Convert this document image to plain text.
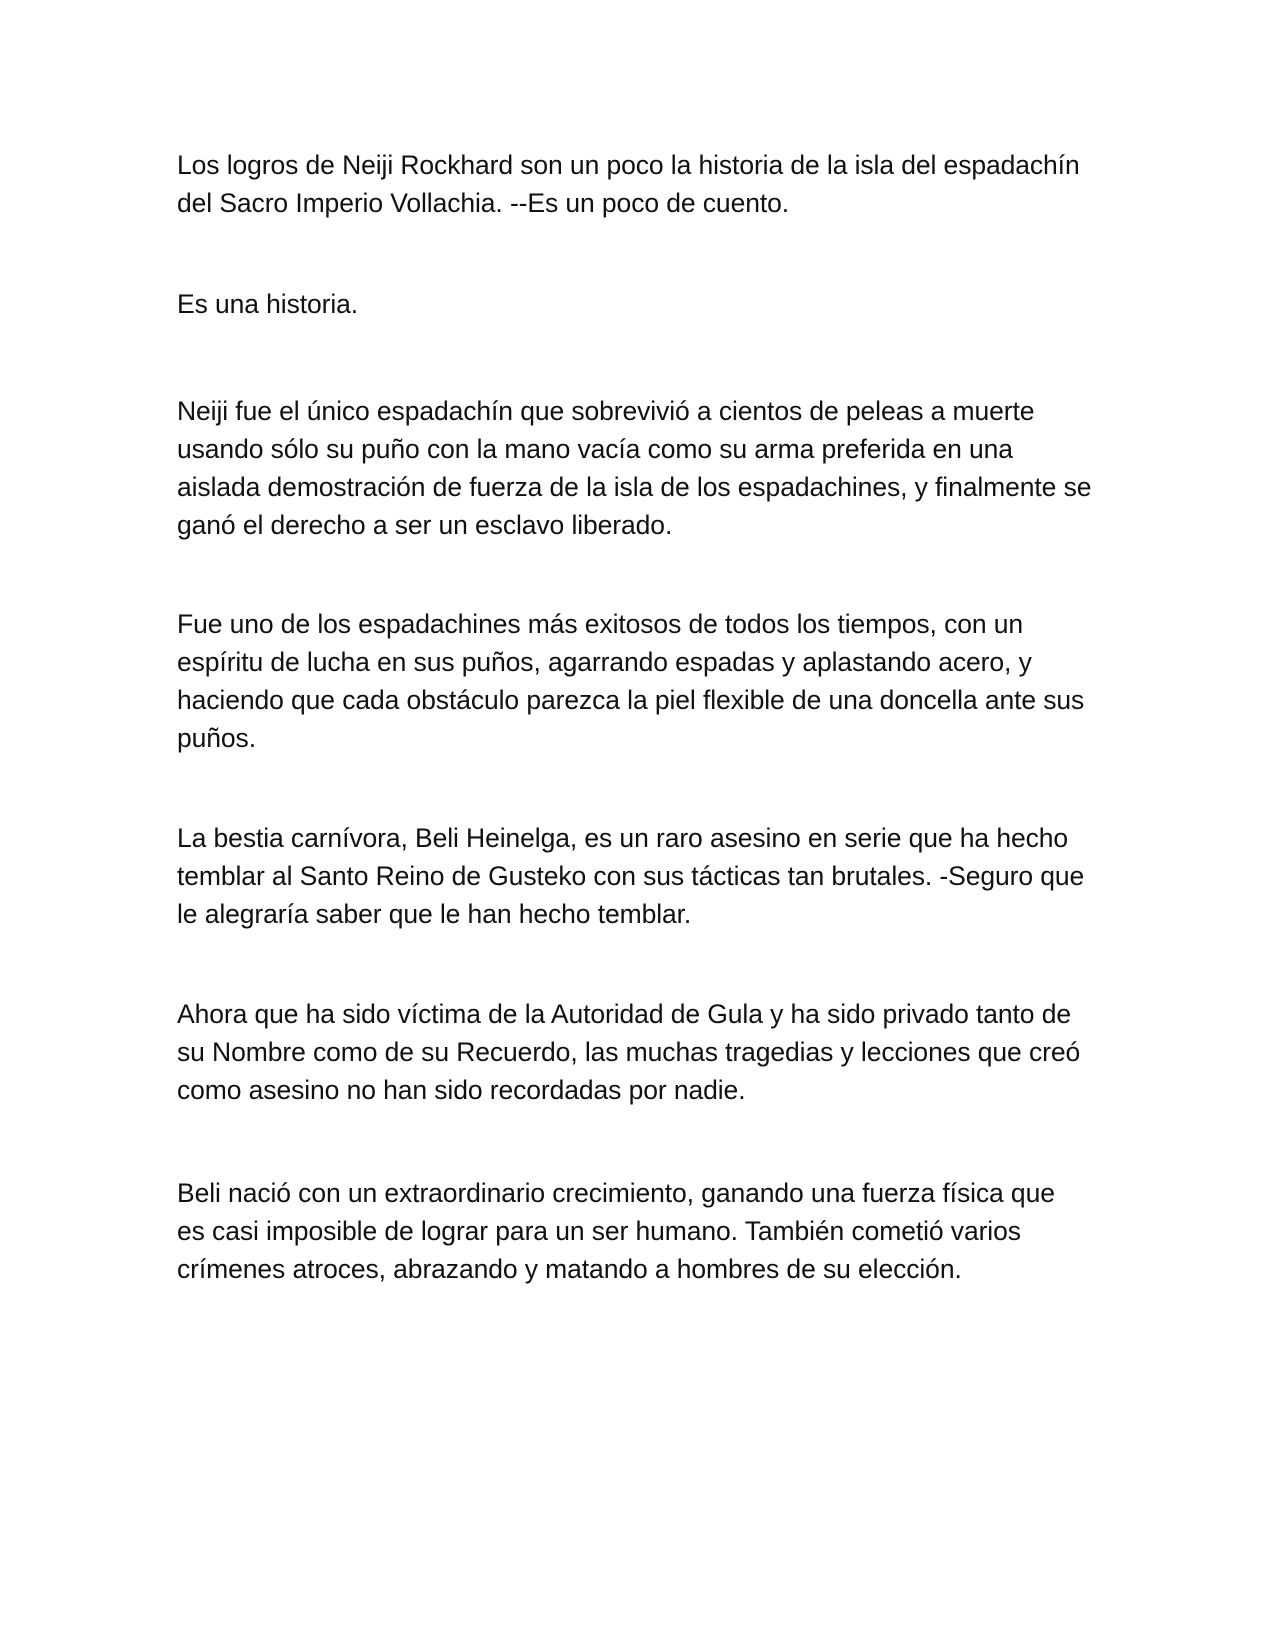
Los logros de Neiji Rockhard son un poco la historia de la isla del espadachín
del Sacro Imperio Vollachia. --Es un poco de cuento.

Es una historia.

Neiji fue el único espadachín que sobrevivió a cientos de peleas a muerte
usando sólo su puño con la mano vacía como su arma preferida en una
aislada demostración de fuerza de la isla de los espadachines, y finalmente se
ganó el derecho a ser un esclavo liberado.

Fue uno de los espadachines más exitosos de todos los tiempos, con un
espíritu de lucha en sus puños, agarrando espadas y aplastando acero, y
haciendo que cada obstáculo parezca la piel flexible de una doncella ante sus
puños.

La bestia carnívora, Beli Heinelga, es un raro asesino en serie que ha hecho
temblar al Santo Reino de Gusteko con sus tácticas tan brutales. -Seguro que
le alegraría saber que le han hecho temblar.

Ahora que ha sido víctima de la Autoridad de Gula y ha sido privado tanto de
su Nombre como de su Recuerdo, las muchas tragedias y lecciones que creó
como asesino no han sido recordadas por nadie.

Beli nació con un extraordinario crecimiento, ganando una fuerza física que
es casi imposible de lograr para un ser humano. También cometió varios
crímenes atroces, abrazando y matando a hombres de su elección.
